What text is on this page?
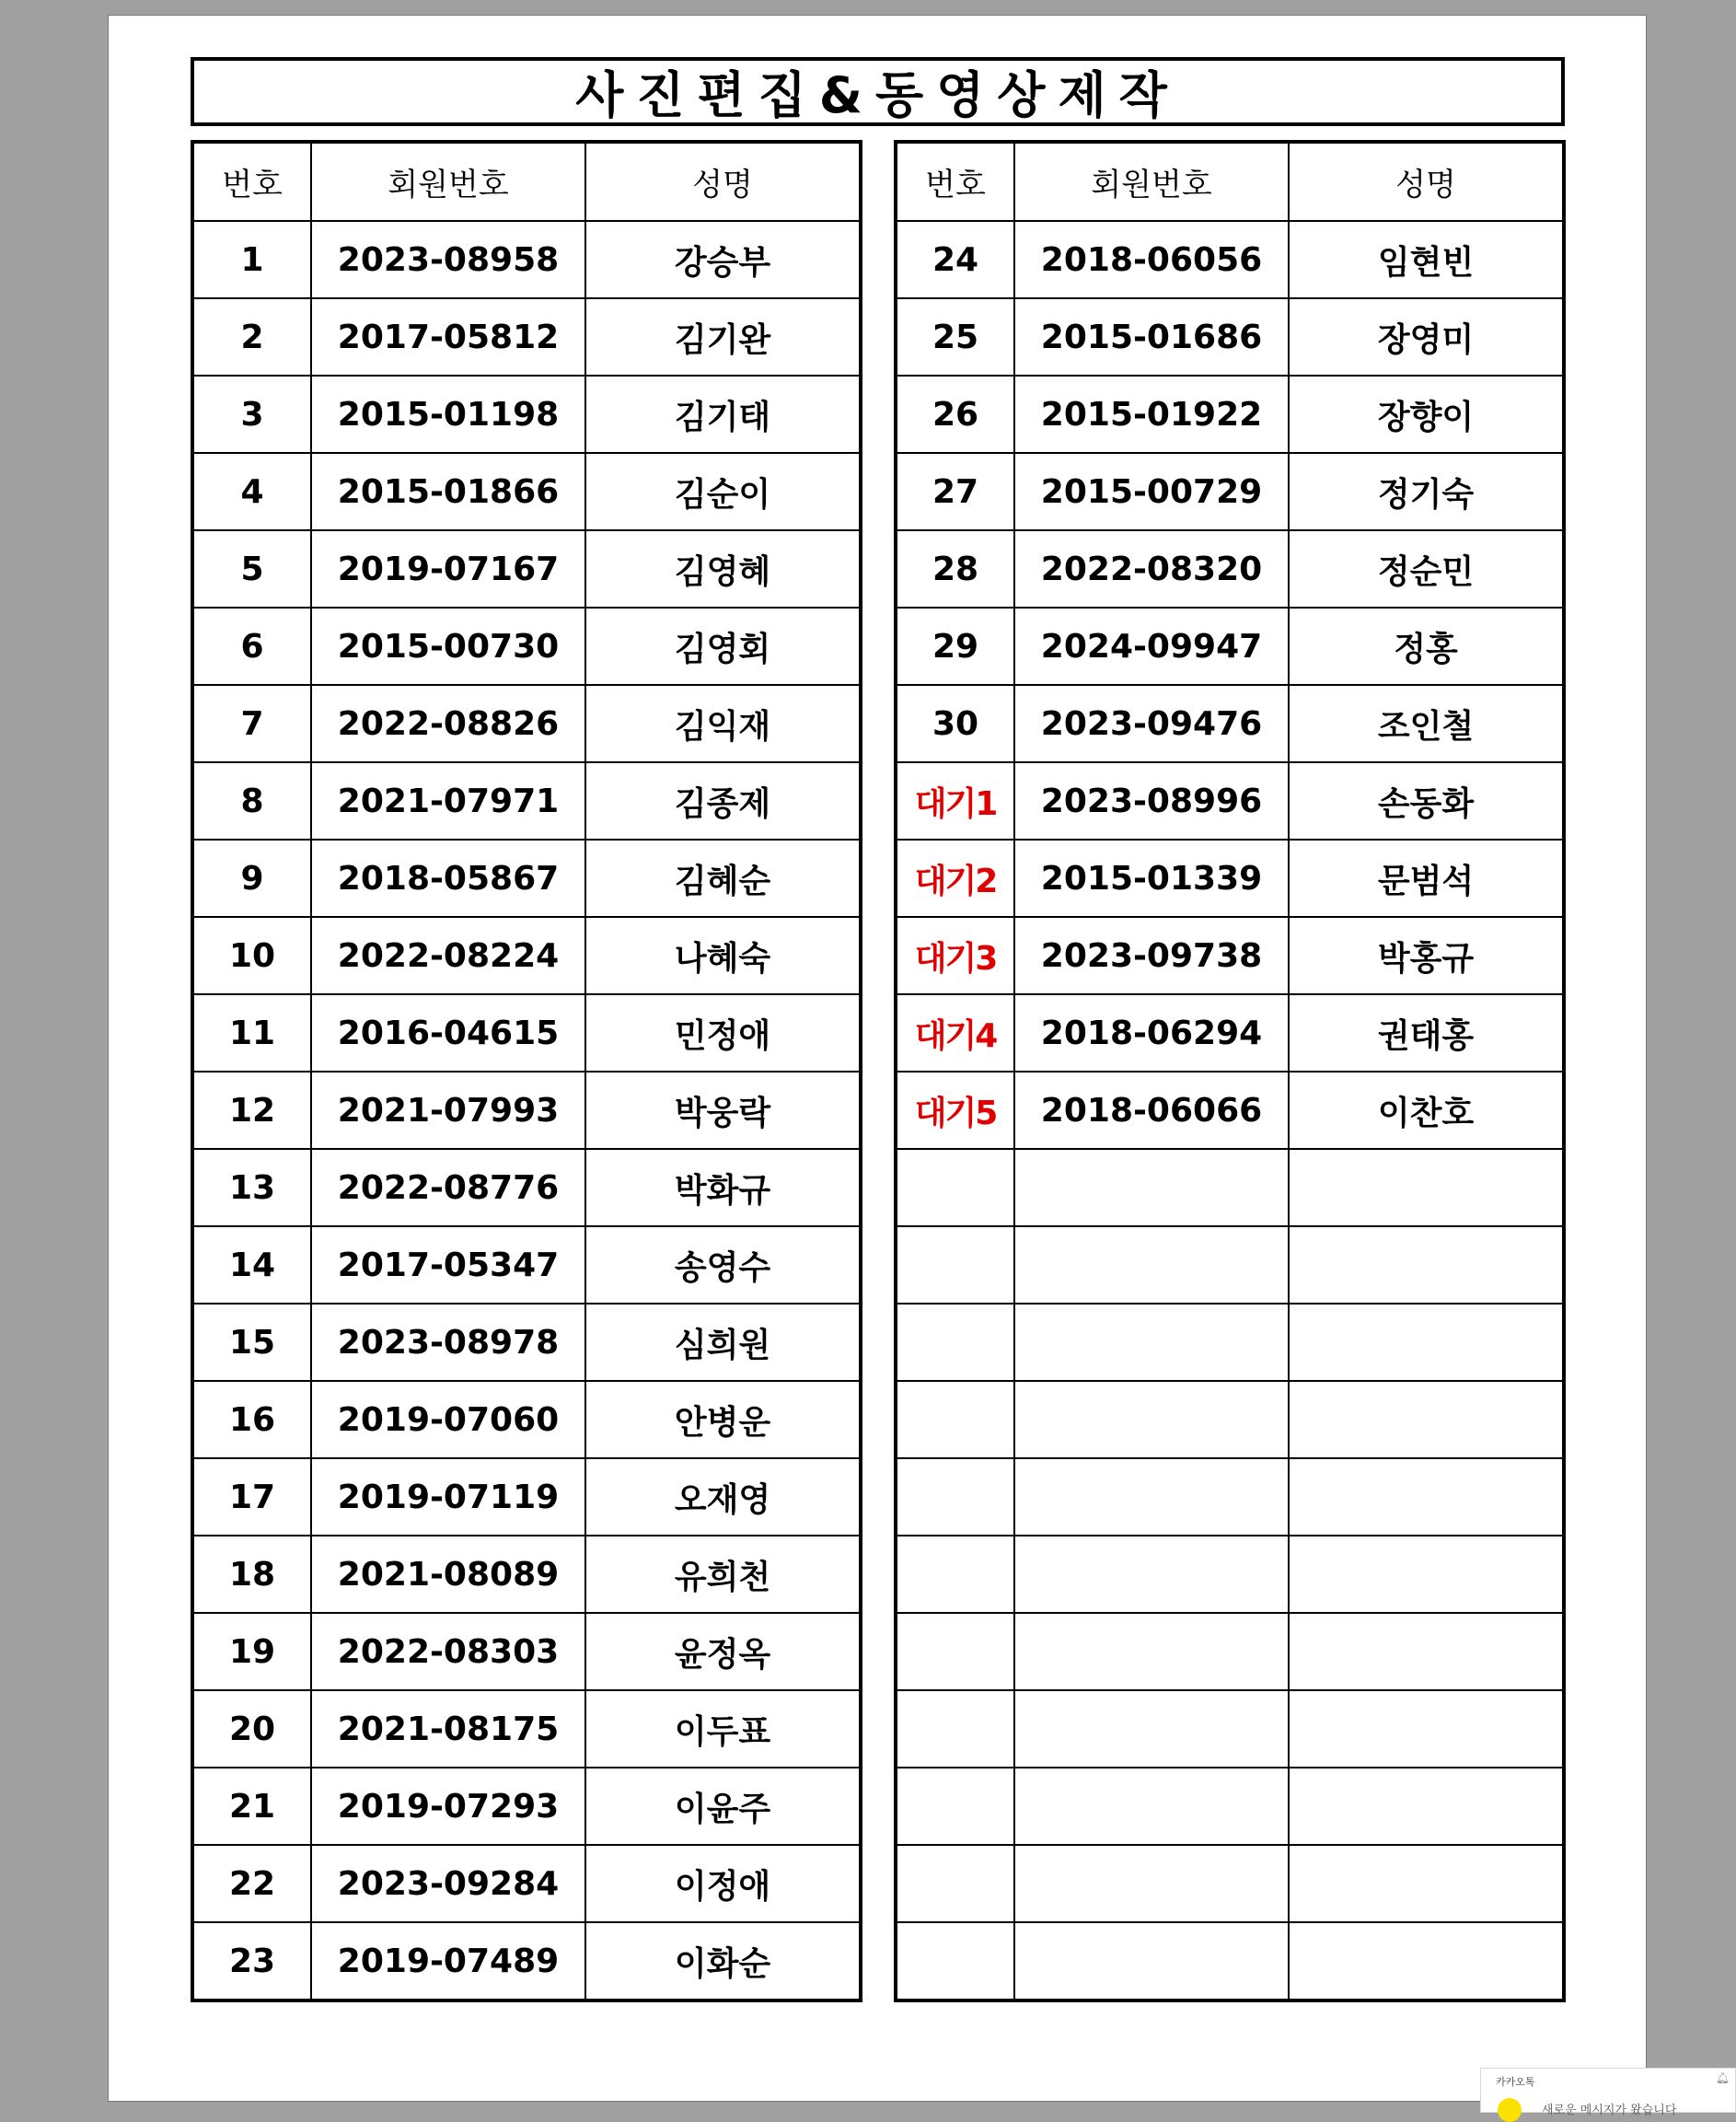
사진편집&동영상제작
번호	회원번호	성명
1	2023-08958	강승부
2	2017-05812	김기완
3	2015-01198	김기태
4	2015-01866	김순이
5	2019-07167	김영혜
6	2015-00730	김영회
7	2022-08826	김익재
8	2021-07971	김종제
9	2018-05867	김혜순
10	2022-08224	나혜숙
11	2016-04615	민정애
12	2021-07993	박웅락
13	2022-08776	박화규
14	2017-05347	송영수
15	2023-08978	심희원
16	2019-07060	안병운
17	2019-07119	오재영
18	2021-08089	유희천
19	2022-08303	윤정옥
20	2021-08175	이두표
21	2019-07293	이윤주
22	2023-09284	이정애
23	2019-07489	이화순
번호	회원번호	성명
24	2018-06056	임현빈
25	2015-01686	장영미
26	2015-01922	장향이
27	2015-00729	정기숙
28	2022-08320	정순민
29	2024-09947	정홍
30	2023-09476	조인철
대기1	2023-08996	손동화
대기2	2015-01339	문범석
대기3	2023-09738	박홍규
대기4	2018-06294	권태홍
대기5	2018-06066	이찬호

카카오톡	🔔︎
새로운 메시지가 왔습니다
